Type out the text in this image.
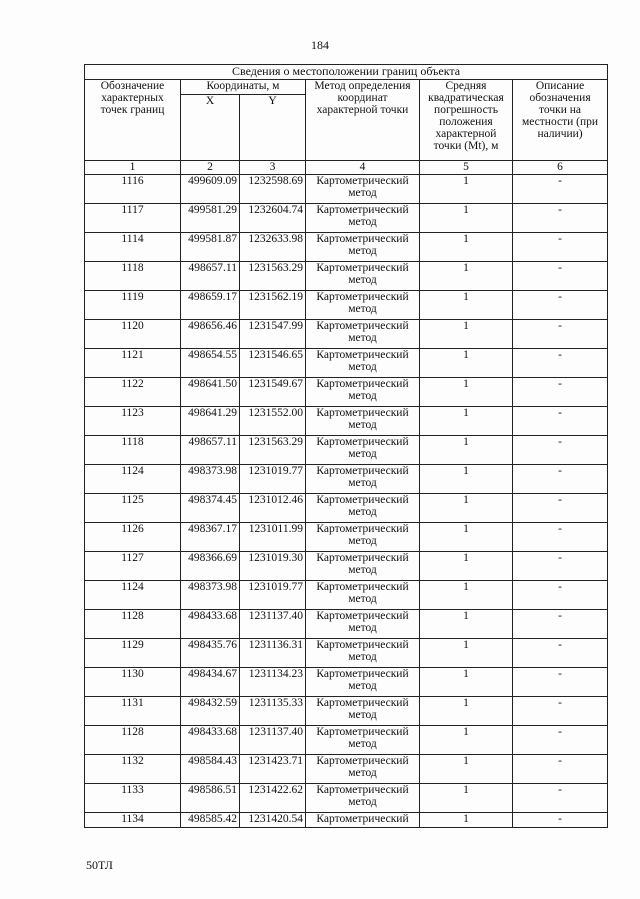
184
Сведения о местоположении границ объекта					
Обозначение характерных точек границ	Координаты, м		Метод определения координат характерной точки	Средняя квадратическая погрешность положения характерной точки (Mt), м	Описание обозначения точки на местности (при наличии)
	X	Y			
1	2	3	4	5	6
1116	499609.09	1232598.69	Картометрический метод	1	-
1117	499581.29	1232604.74	Картометрический метод	1	-
1114	499581.87	1232633.98	Картометрический метод	1	-
1118	498657.11	1231563.29	Картометрический метод	1	-
1119	498659.17	1231562.19	Картометрический метод	1	-
1120	498656.46	1231547.99	Картометрический метод	1	-
1121	498654.55	1231546.65	Картометрический метод	1	-
1122	498641.50	1231549.67	Картометрический метод	1	-
1123	498641.29	1231552.00	Картометрический метод	1	-
1118	498657.11	1231563.29	Картометрический метод	1	-
1124	498373.98	1231019.77	Картометрический метод	1	-
1125	498374.45	1231012.46	Картометрический метод	1	-
1126	498367.17	1231011.99	Картометрический метод	1	-
1127	498366.69	1231019.30	Картометрический метод	1	-
1124	498373.98	1231019.77	Картометрический метод	1	-
1128	498433.68	1231137.40	Картометрический метод	1	-
1129	498435.76	1231136.31	Картометрический метод	1	-
1130	498434.67	1231134.23	Картометрический метод	1	-
1131	498432.59	1231135.33	Картометрический метод	1	-
1128	498433.68	1231137.40	Картометрический метод	1	-
1132	498584.43	1231423.71	Картометрический метод	1	-
1133	498586.51	1231422.62	Картометрический метод	1	-
1134	498585.42	1231420.54	Картометрический	1	-
50ТЛ
